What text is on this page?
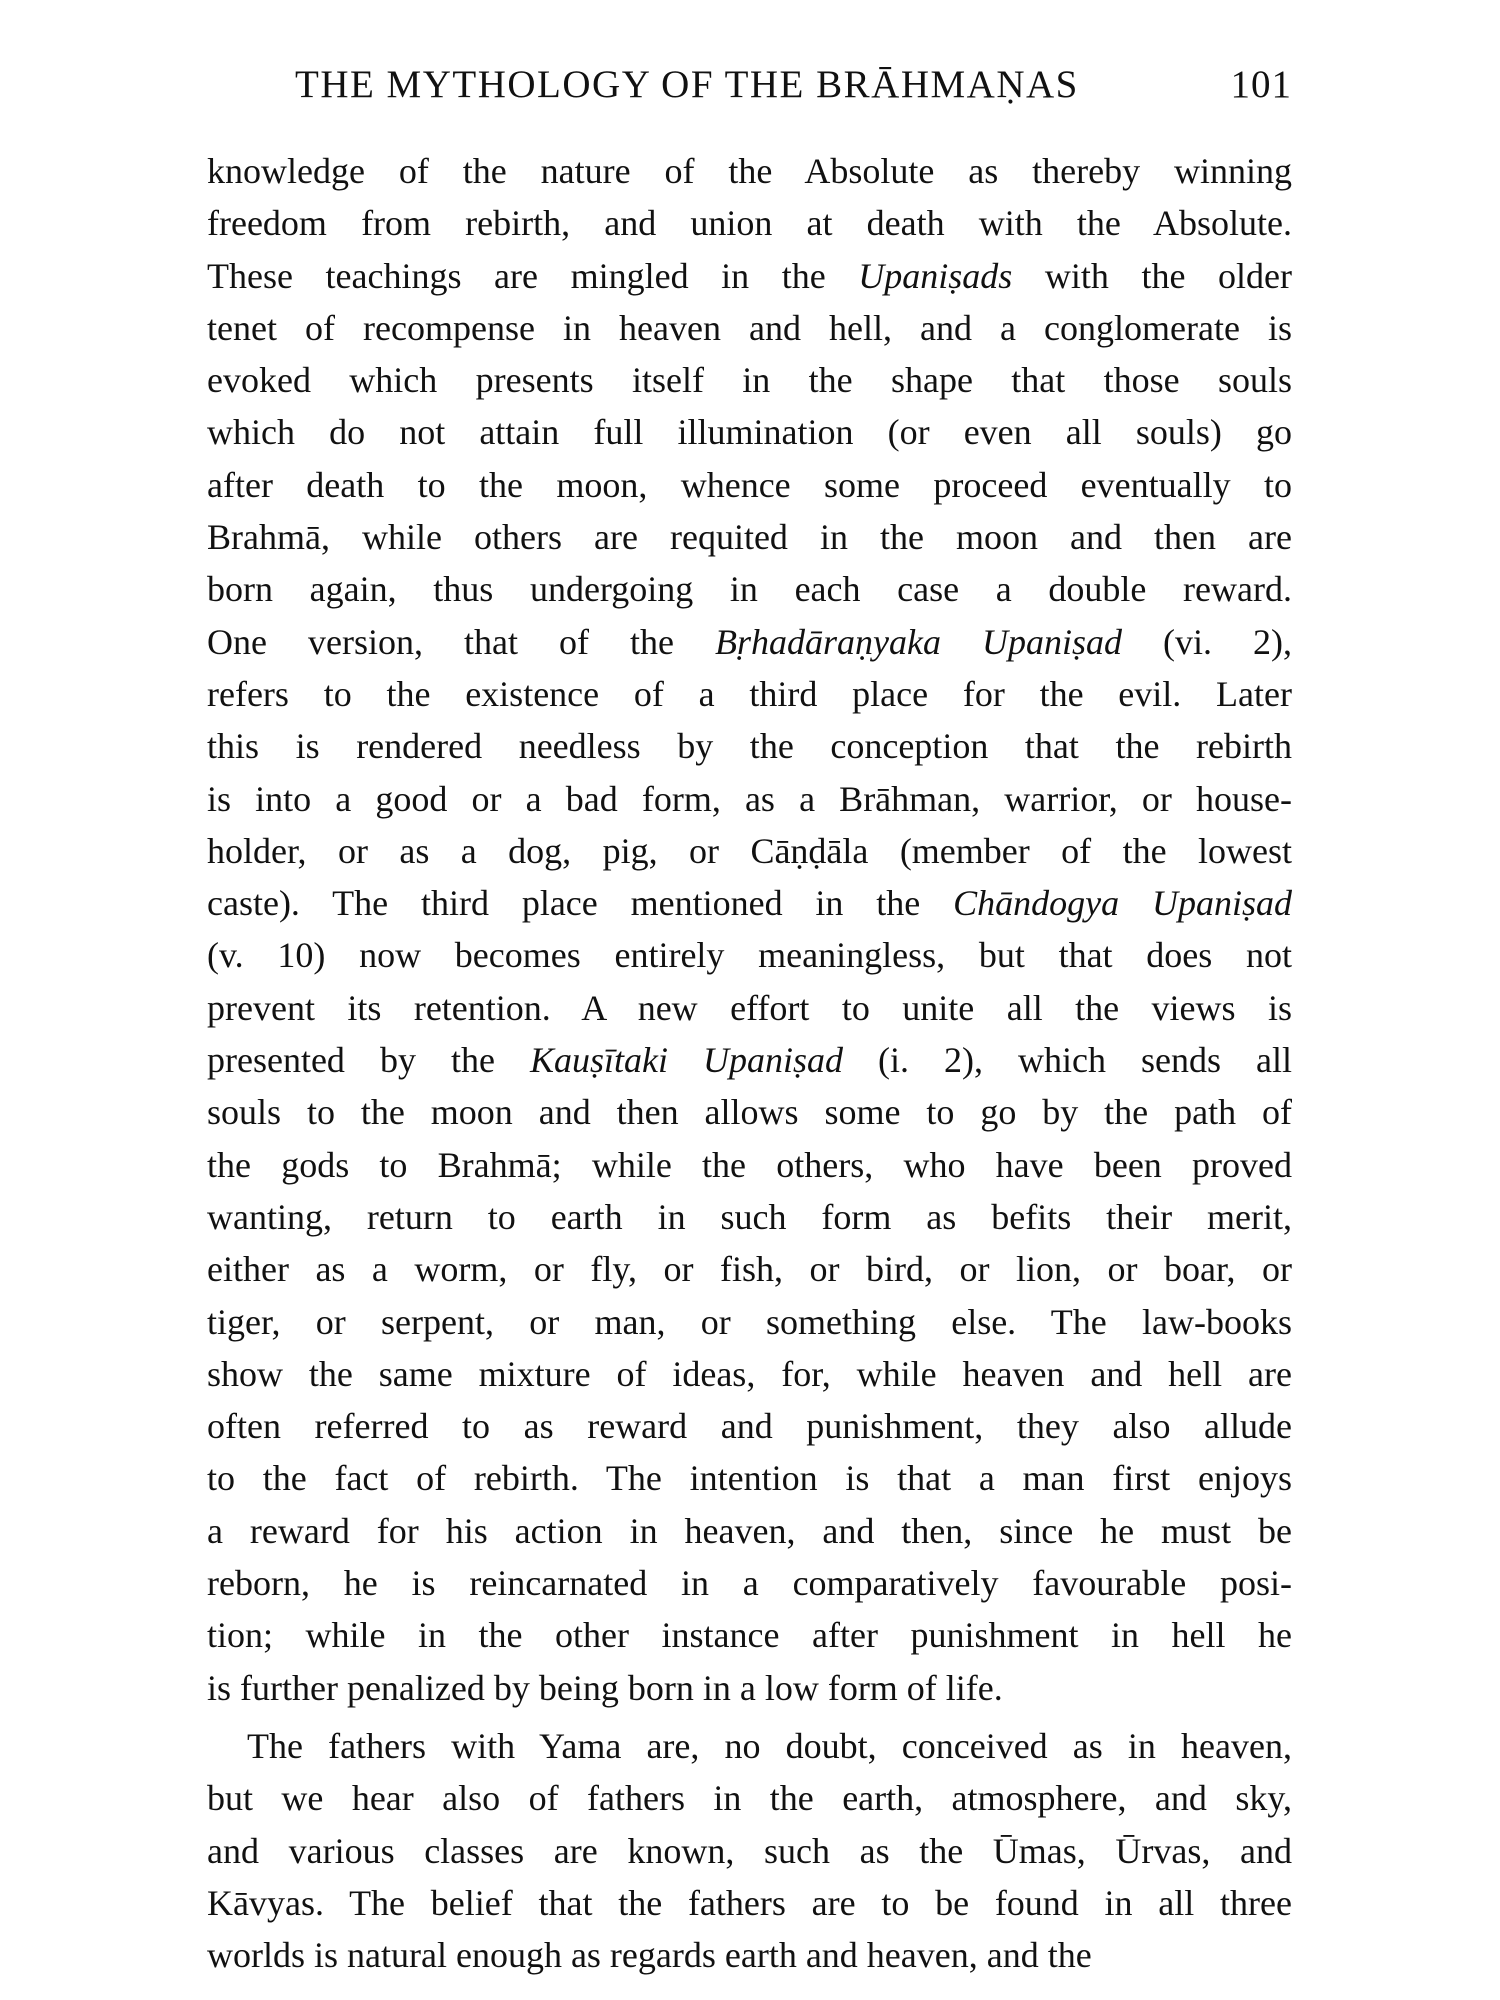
THE MYTHOLOGY OF THE BRĀHMAṆAS	101
knowledge of the nature of the Absolute as thereby winning
freedom from rebirth, and union at death with the Absolute.
These teachings are mingled in the Upaniṣads with the older
tenet of recompense in heaven and hell, and a conglomerate is
evoked which presents itself in the shape that those souls
which do not attain full illumination (or even all souls) go
after death to the moon, whence some proceed eventually to
Brahmā, while others are requited in the moon and then are
born again, thus undergoing in each case a double reward.
One version, that of the Bṛhadāraṇyaka Upaniṣad (vi. 2),
refers to the existence of a third place for the evil. Later
this is rendered needless by the conception that the rebirth
is into a good or a bad form, as a Brāhman, warrior, or house-
holder, or as a dog, pig, or Cāṇḍāla (member of the lowest
caste). The third place mentioned in the Chāndogya Upaniṣad
(v. 10) now becomes entirely meaningless, but that does not
prevent its retention. A new effort to unite all the views is
presented by the Kauṣītaki Upaniṣad (i. 2), which sends all
souls to the moon and then allows some to go by the path of
the gods to Brahmā; while the others, who have been proved
wanting, return to earth in such form as befits their merit,
either as a worm, or fly, or fish, or bird, or lion, or boar, or
tiger, or serpent, or man, or something else. The law-books
show the same mixture of ideas, for, while heaven and hell are
often referred to as reward and punishment, they also allude
to the fact of rebirth. The intention is that a man first enjoys
a reward for his action in heaven, and then, since he must be
reborn, he is reincarnated in a comparatively favourable posi-
tion; while in the other instance after punishment in hell he
is further penalized by being born in a low form of life.
The fathers with Yama are, no doubt, conceived as in heaven,
but we hear also of fathers in the earth, atmosphere, and sky,
and various classes are known, such as the Ūmas, Ūrvas, and
Kāvyas. The belief that the fathers are to be found in all three
worlds is natural enough as regards earth and heaven, and the
